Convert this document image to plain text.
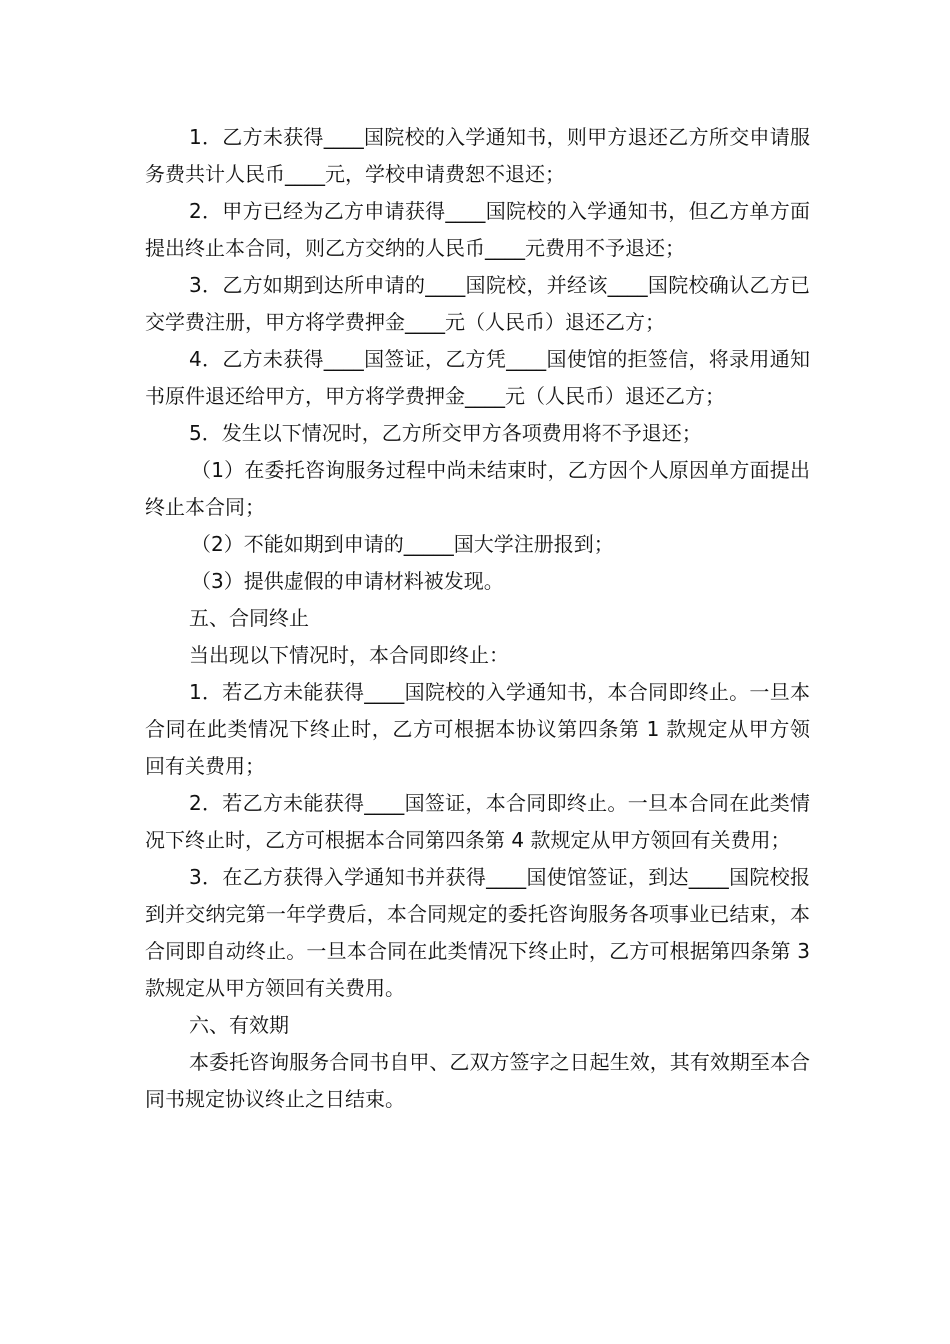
1．乙方未获得____国院校的入学通知书，则甲方退还乙方所交申请服务费共计人民币____元，学校申请费恕不退还；

2．甲方已经为乙方申请获得____国院校的入学通知书，但乙方单方面提出终止本合同，则乙方交纳的人民币____元费用不予退还；

3．乙方如期到达所申请的____国院校，并经该____国院校确认乙方已交学费注册，甲方将学费押金____元（人民币）退还乙方；

4．乙方未获得____国签证，乙方凭____国使馆的拒签信，将录用通知书原件退还给甲方，甲方将学费押金____元（人民币）退还乙方；

5．发生以下情况时，乙方所交甲方各项费用将不予退还；

（1）在委托咨询服务过程中尚未结束时，乙方因个人原因单方面提出终止本合同；

（2）不能如期到申请的_____国大学注册报到；

（3）提供虚假的申请材料被发现。

五、合同终止

当出现以下情况时，本合同即终止：

1．若乙方未能获得____国院校的入学通知书，本合同即终止。一旦本合同在此类情况下终止时，乙方可根据本协议第四条第 1 款规定从甲方领回有关费用；

2．若乙方未能获得____国签证，本合同即终止。一旦本合同在此类情况下终止时，乙方可根据本合同第四条第 4 款规定从甲方领回有关费用；

3．在乙方获得入学通知书并获得____国使馆签证，到达____国院校报到并交纳完第一年学费后，本合同规定的委托咨询服务各项事业已结束，本合同即自动终止。一旦本合同在此类情况下终止时，乙方可根据第四条第 3 款规定从甲方领回有关费用。

六、有效期

本委托咨询服务合同书自甲、乙双方签字之日起生效，其有效期至本合同书规定协议终止之日结束。
